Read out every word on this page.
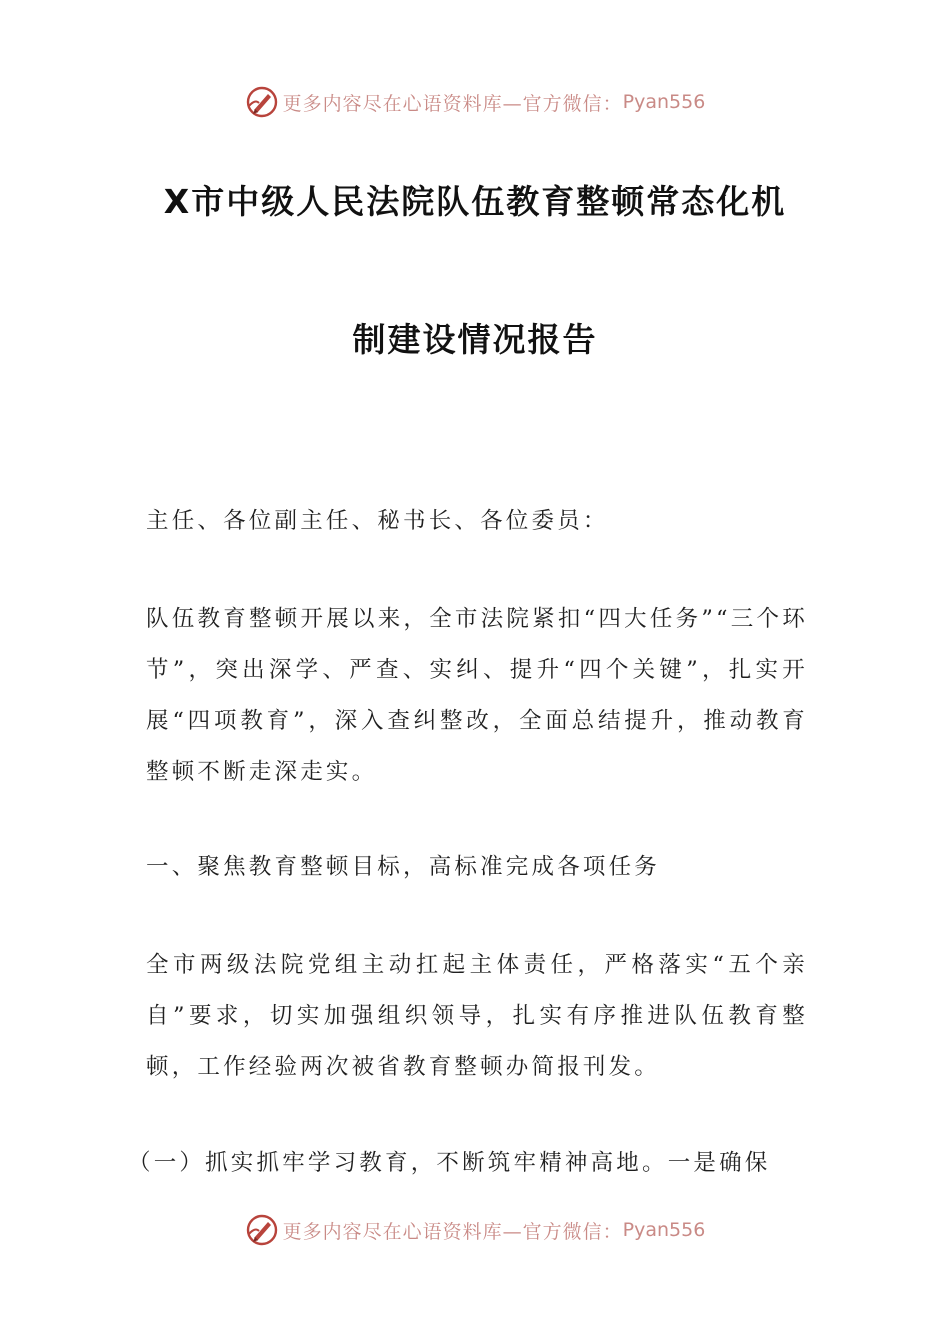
更多内容尽在心语资料库—官方微信： Pyan556
X市中级人民法院队伍教育整顿常态化机
制建设情况报告

主任、各位副主任、秘书长、各位委员：

队伍教育整顿开展以来，全市法院紧扣“四大任务”“三个环节”，突出深学、严查、实纠、提升“四个关键”，扎实开展“四项教育”，深入查纠整改，全面总结提升，推动教育整顿不断走深走实。

一、聚焦教育整顿目标，高标准完成各项任务

全市两级法院党组主动扛起主体责任，严格落实“五个亲自”要求，切实加强组织领导，扎实有序推进队伍教育整顿，工作经验两次被省教育整顿办简报刊发。

（一）抓实抓牢学习教育，不断筑牢精神高地。一是确保

更多内容尽在心语资料库—官方微信： Pyan556
